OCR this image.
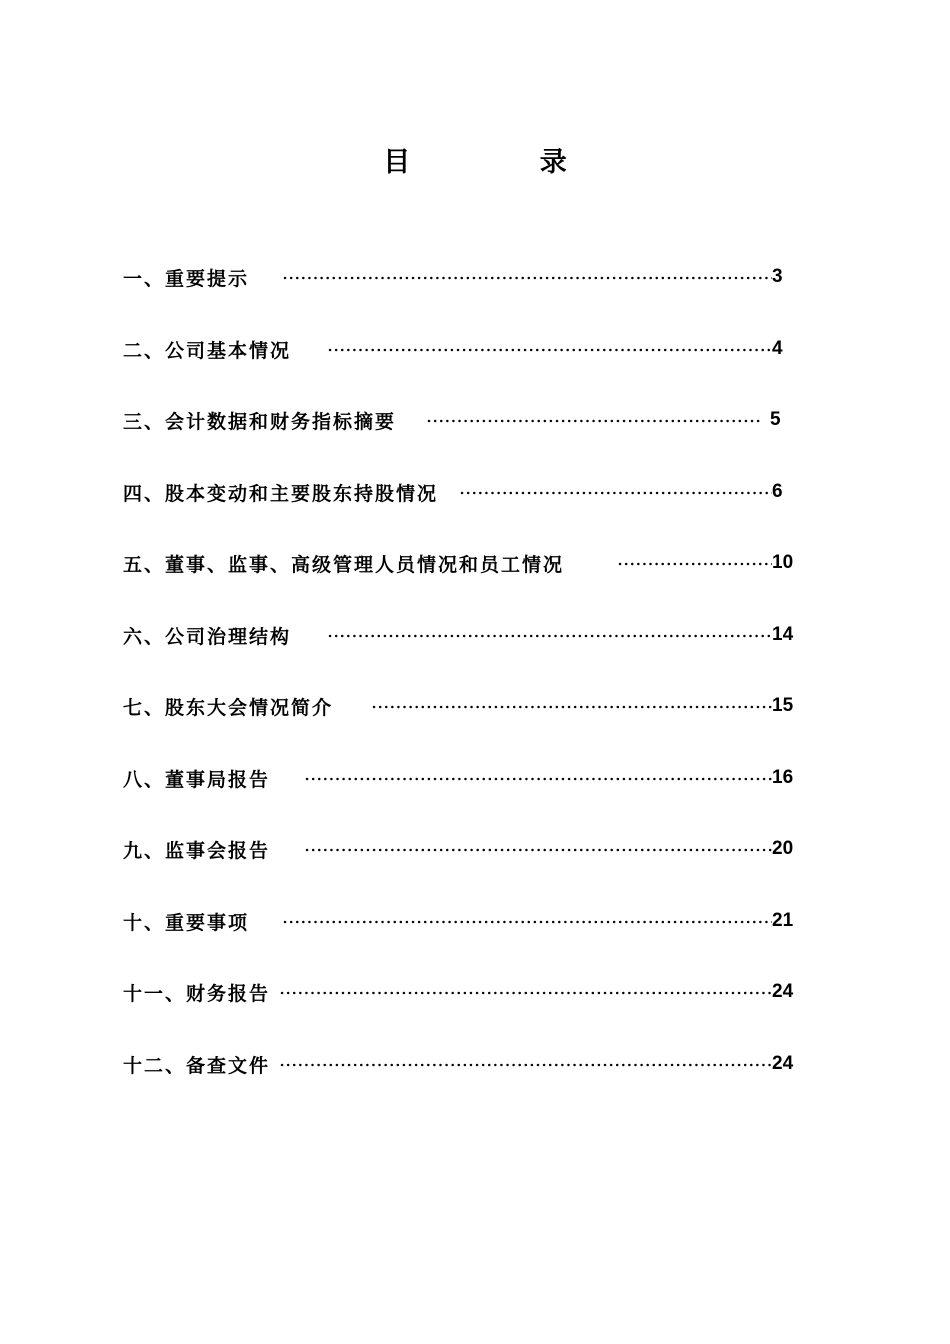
目 录
一、重要提示	3
二、公司基本情况	4
三、会计数据和财务指标摘要	5
四、股本变动和主要股东持股情况	6
五、董事、监事、高级管理人员情况和员工情况	10
六、公司治理结构	14
七、股东大会情况简介	15
八、董事局报告	16
九、监事会报告	20
十、重要事项	21
十一、财务报告	24
十二、备查文件	24
